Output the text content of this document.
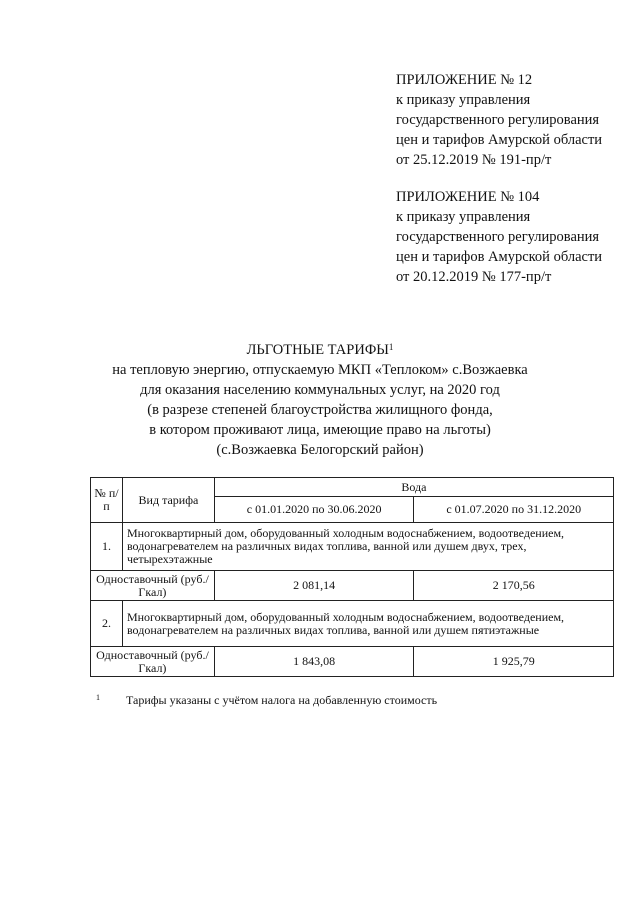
ПРИЛОЖЕНИЕ № 12
к приказу управления
государственного регулирования
цен и тарифов Амурской области
от 25.12.2019 № 191-пр/т
ПРИЛОЖЕНИЕ № 104
к приказу управления
государственного регулирования
цен и тарифов Амурской области
от 20.12.2019 № 177-пр/т
ЛЬГОТНЫЕ ТАРИФЫ$^1$
на тепловую энергию, отпускаемую МКП «Теплоком» с.Возжаевка
для оказания населению коммунальных услуг, на 2020 год
(в разрезе степеней благоустройства жилищного фонда,
в котором проживают лица, имеющие право на льготы)
(с.Возжаевка Белогорский район)
№ п/п	Вид тарифа	Вода	
		с 01.01.2020 по 30.06.2020	с 01.07.2020 по 31.12.2020
1.	Многоквартирный дом, оборудованный холодным водоснабжением, водоотведением, водонагревателем на различных видах топлива, ванной или душем двух, трех, четырехэтажные		
Одноставочный (руб./Гкал)		2 081,14	2 170,56
2.	Многоквартирный дом, оборудованный холодным водоснабжением, водоотведением, водонагревателем на различных видах топлива, ванной или душем пятиэтажные		
Одноставочный (руб./Гкал)		1 843,08	1 925,79
1 Тарифы указаны с учётом налога на добавленную стоимость
